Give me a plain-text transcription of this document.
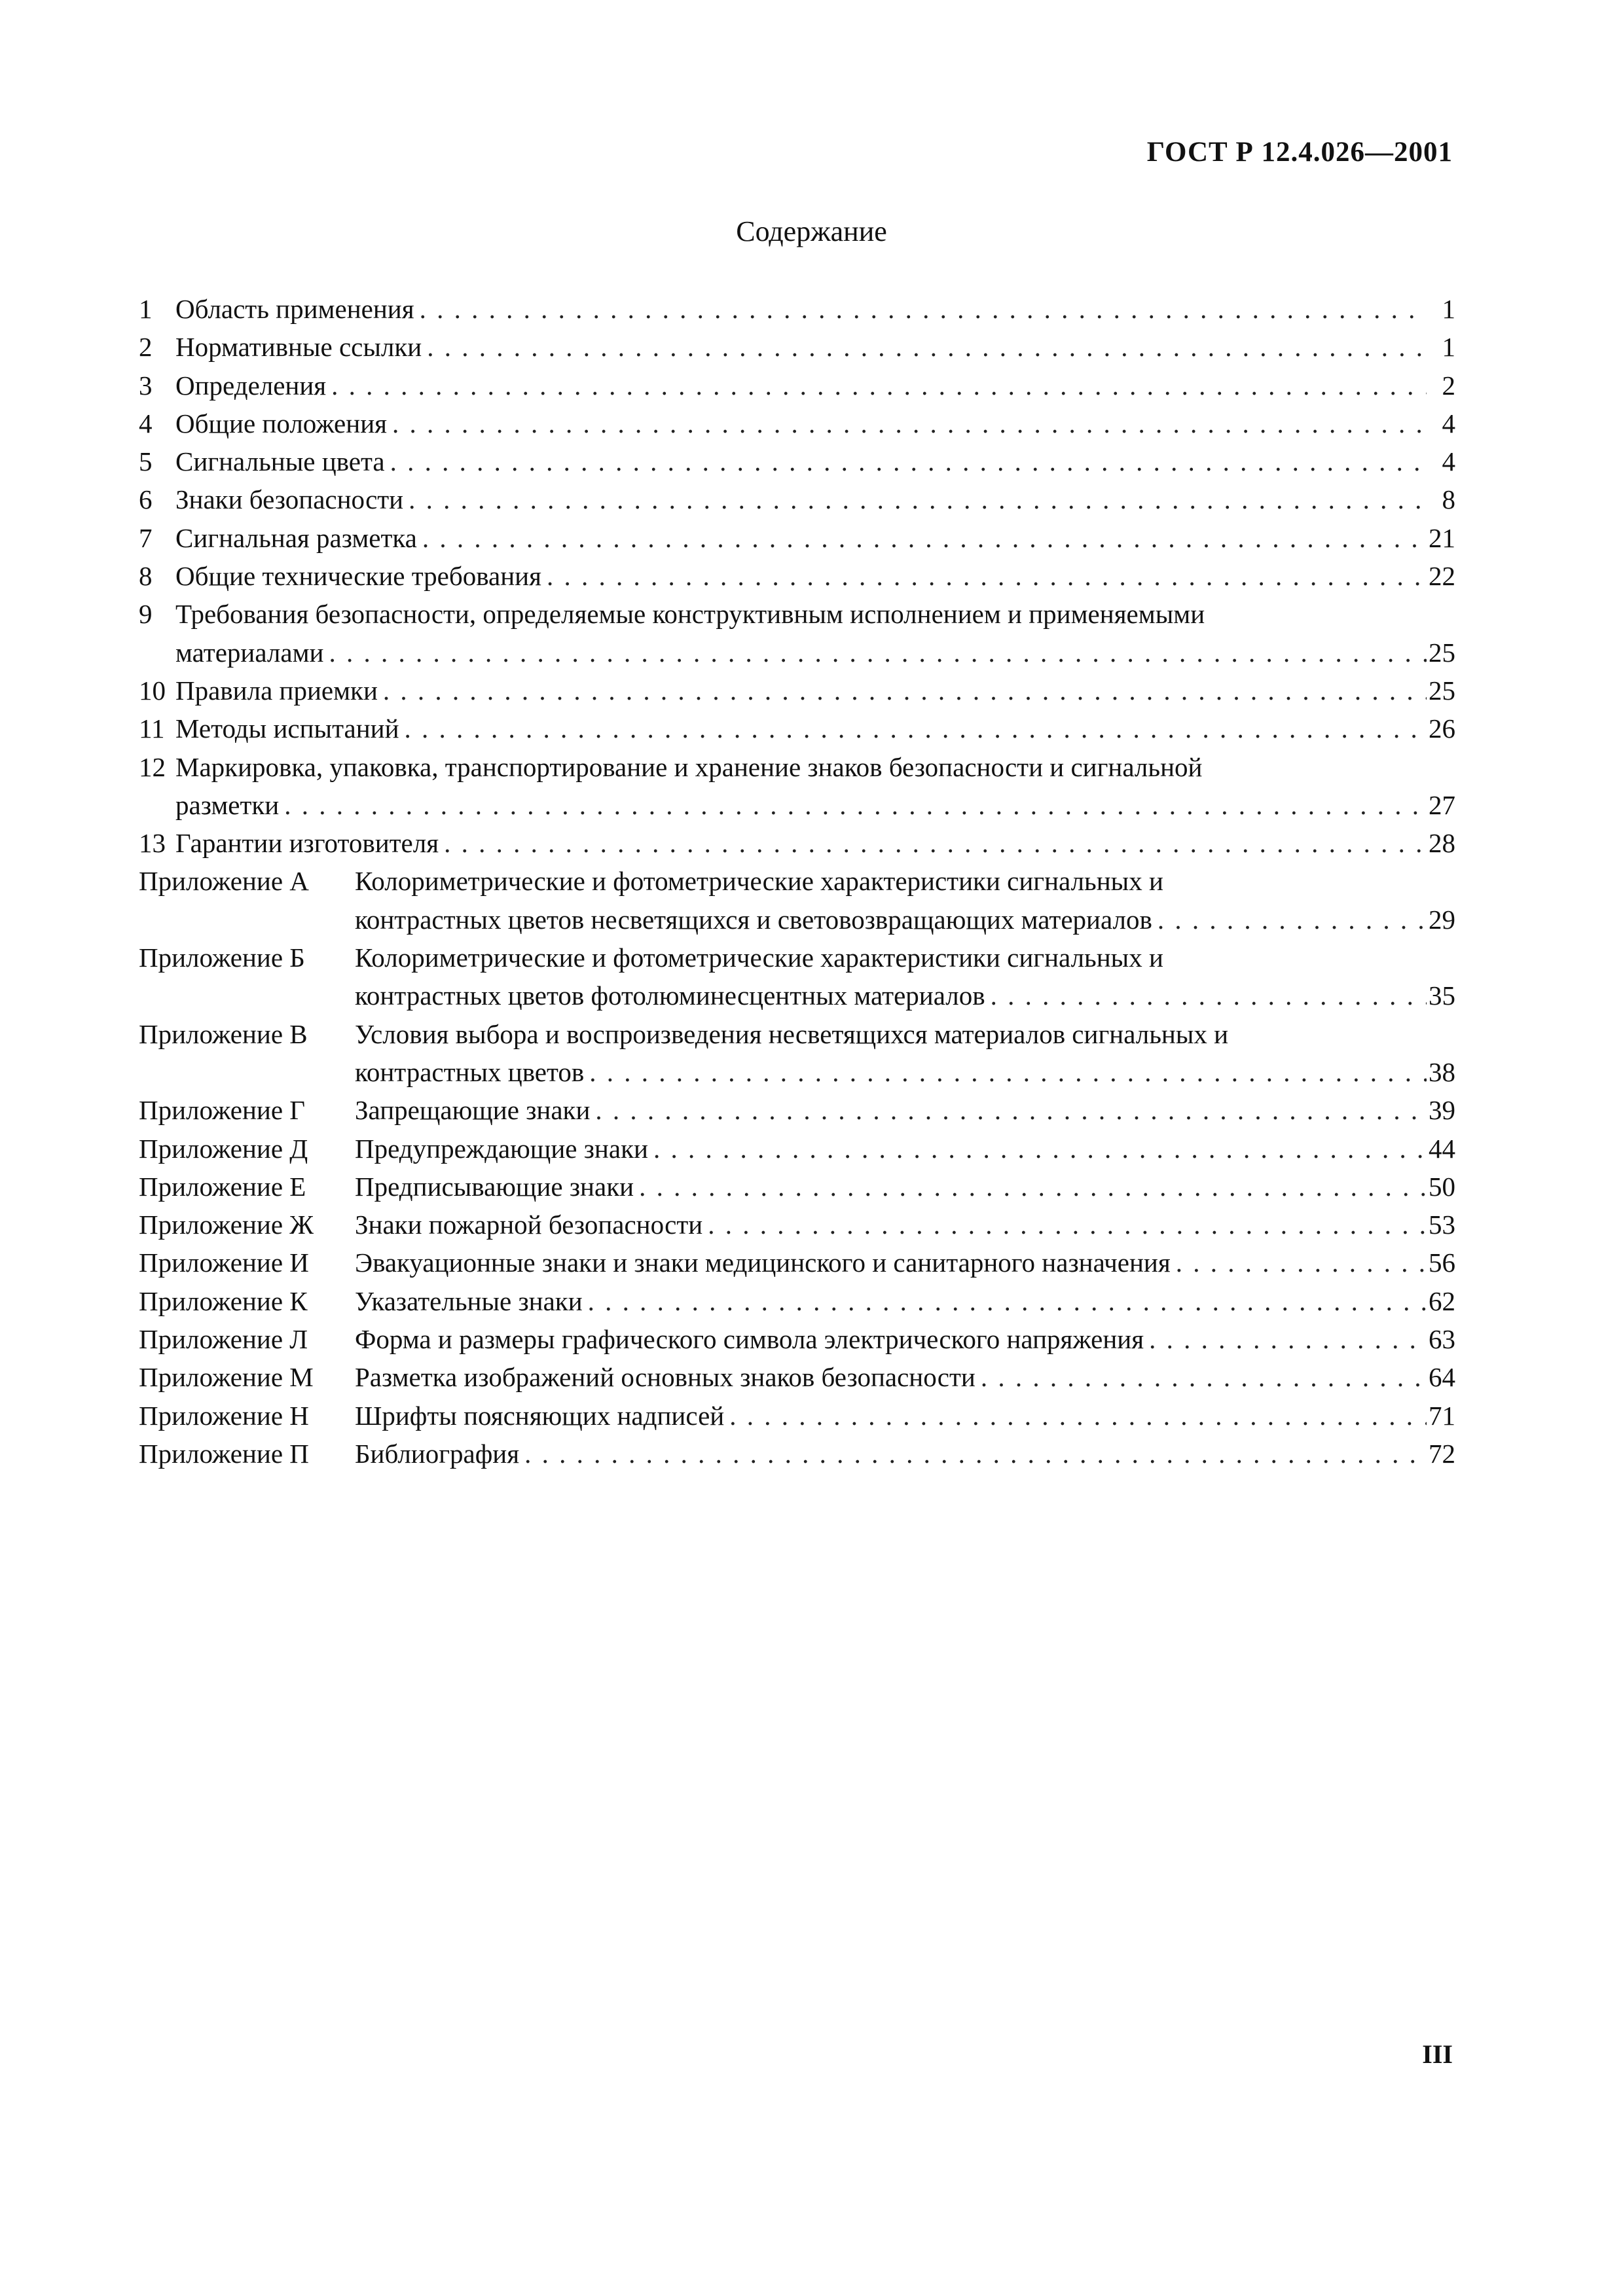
ГОСТ Р 12.4.026—2001
Содержание
1 Область применения . . .	1
2 Нормативные ссылки . . .	1
3 Определения . . .	2
4 Общие положения . . .	4
5 Сигнальные цвета . . .	4
6 Знаки безопасности . . .	8
7 Сигнальная разметка . . .	21
8 Общие технические требования . . .	22
9 Требования безопасности, определяемые конструктивным исполнением и применяемыми
материалами . . .	25
10 Правила приемки . . .	25
11 Методы испытаний . . .	26
12 Маркировка, упаковка, транспортирование и хранение знаков безопасности и сигнальной
разметки . . .	27
13 Гарантии изготовителя . . .	28
Приложение А	Колориметрические и фотометрические характеристики сигнальных и
контрастных цветов несветящихся и световозвращающих материалов . . .	29
Приложение Б	Колориметрические и фотометрические характеристики сигнальных и
контрастных цветов фотолюминесцентных материалов . . .	35
Приложение В	Условия выбора и воспроизведения несветящихся материалов сигнальных и
контрастных цветов . . .	38
Приложение Г	Запрещающие знаки . . .	39
Приложение Д	Предупреждающие знаки . . .	44
Приложение Е	Предписывающие знаки . . .	50
Приложение Ж	Знаки пожарной безопасности . . .	53
Приложение И	Эвакуационные знаки и знаки медицинского и санитарного назначения . . .	56
Приложение К	Указательные знаки . . .	62
Приложение Л	Форма и размеры графического символа электрического напряжения . . .	63
Приложение М	Разметка изображений основных знаков безопасности . . .	64
Приложение Н	Шрифты поясняющих надписей . . .	71
Приложение П	Библиография . . .	72
III
